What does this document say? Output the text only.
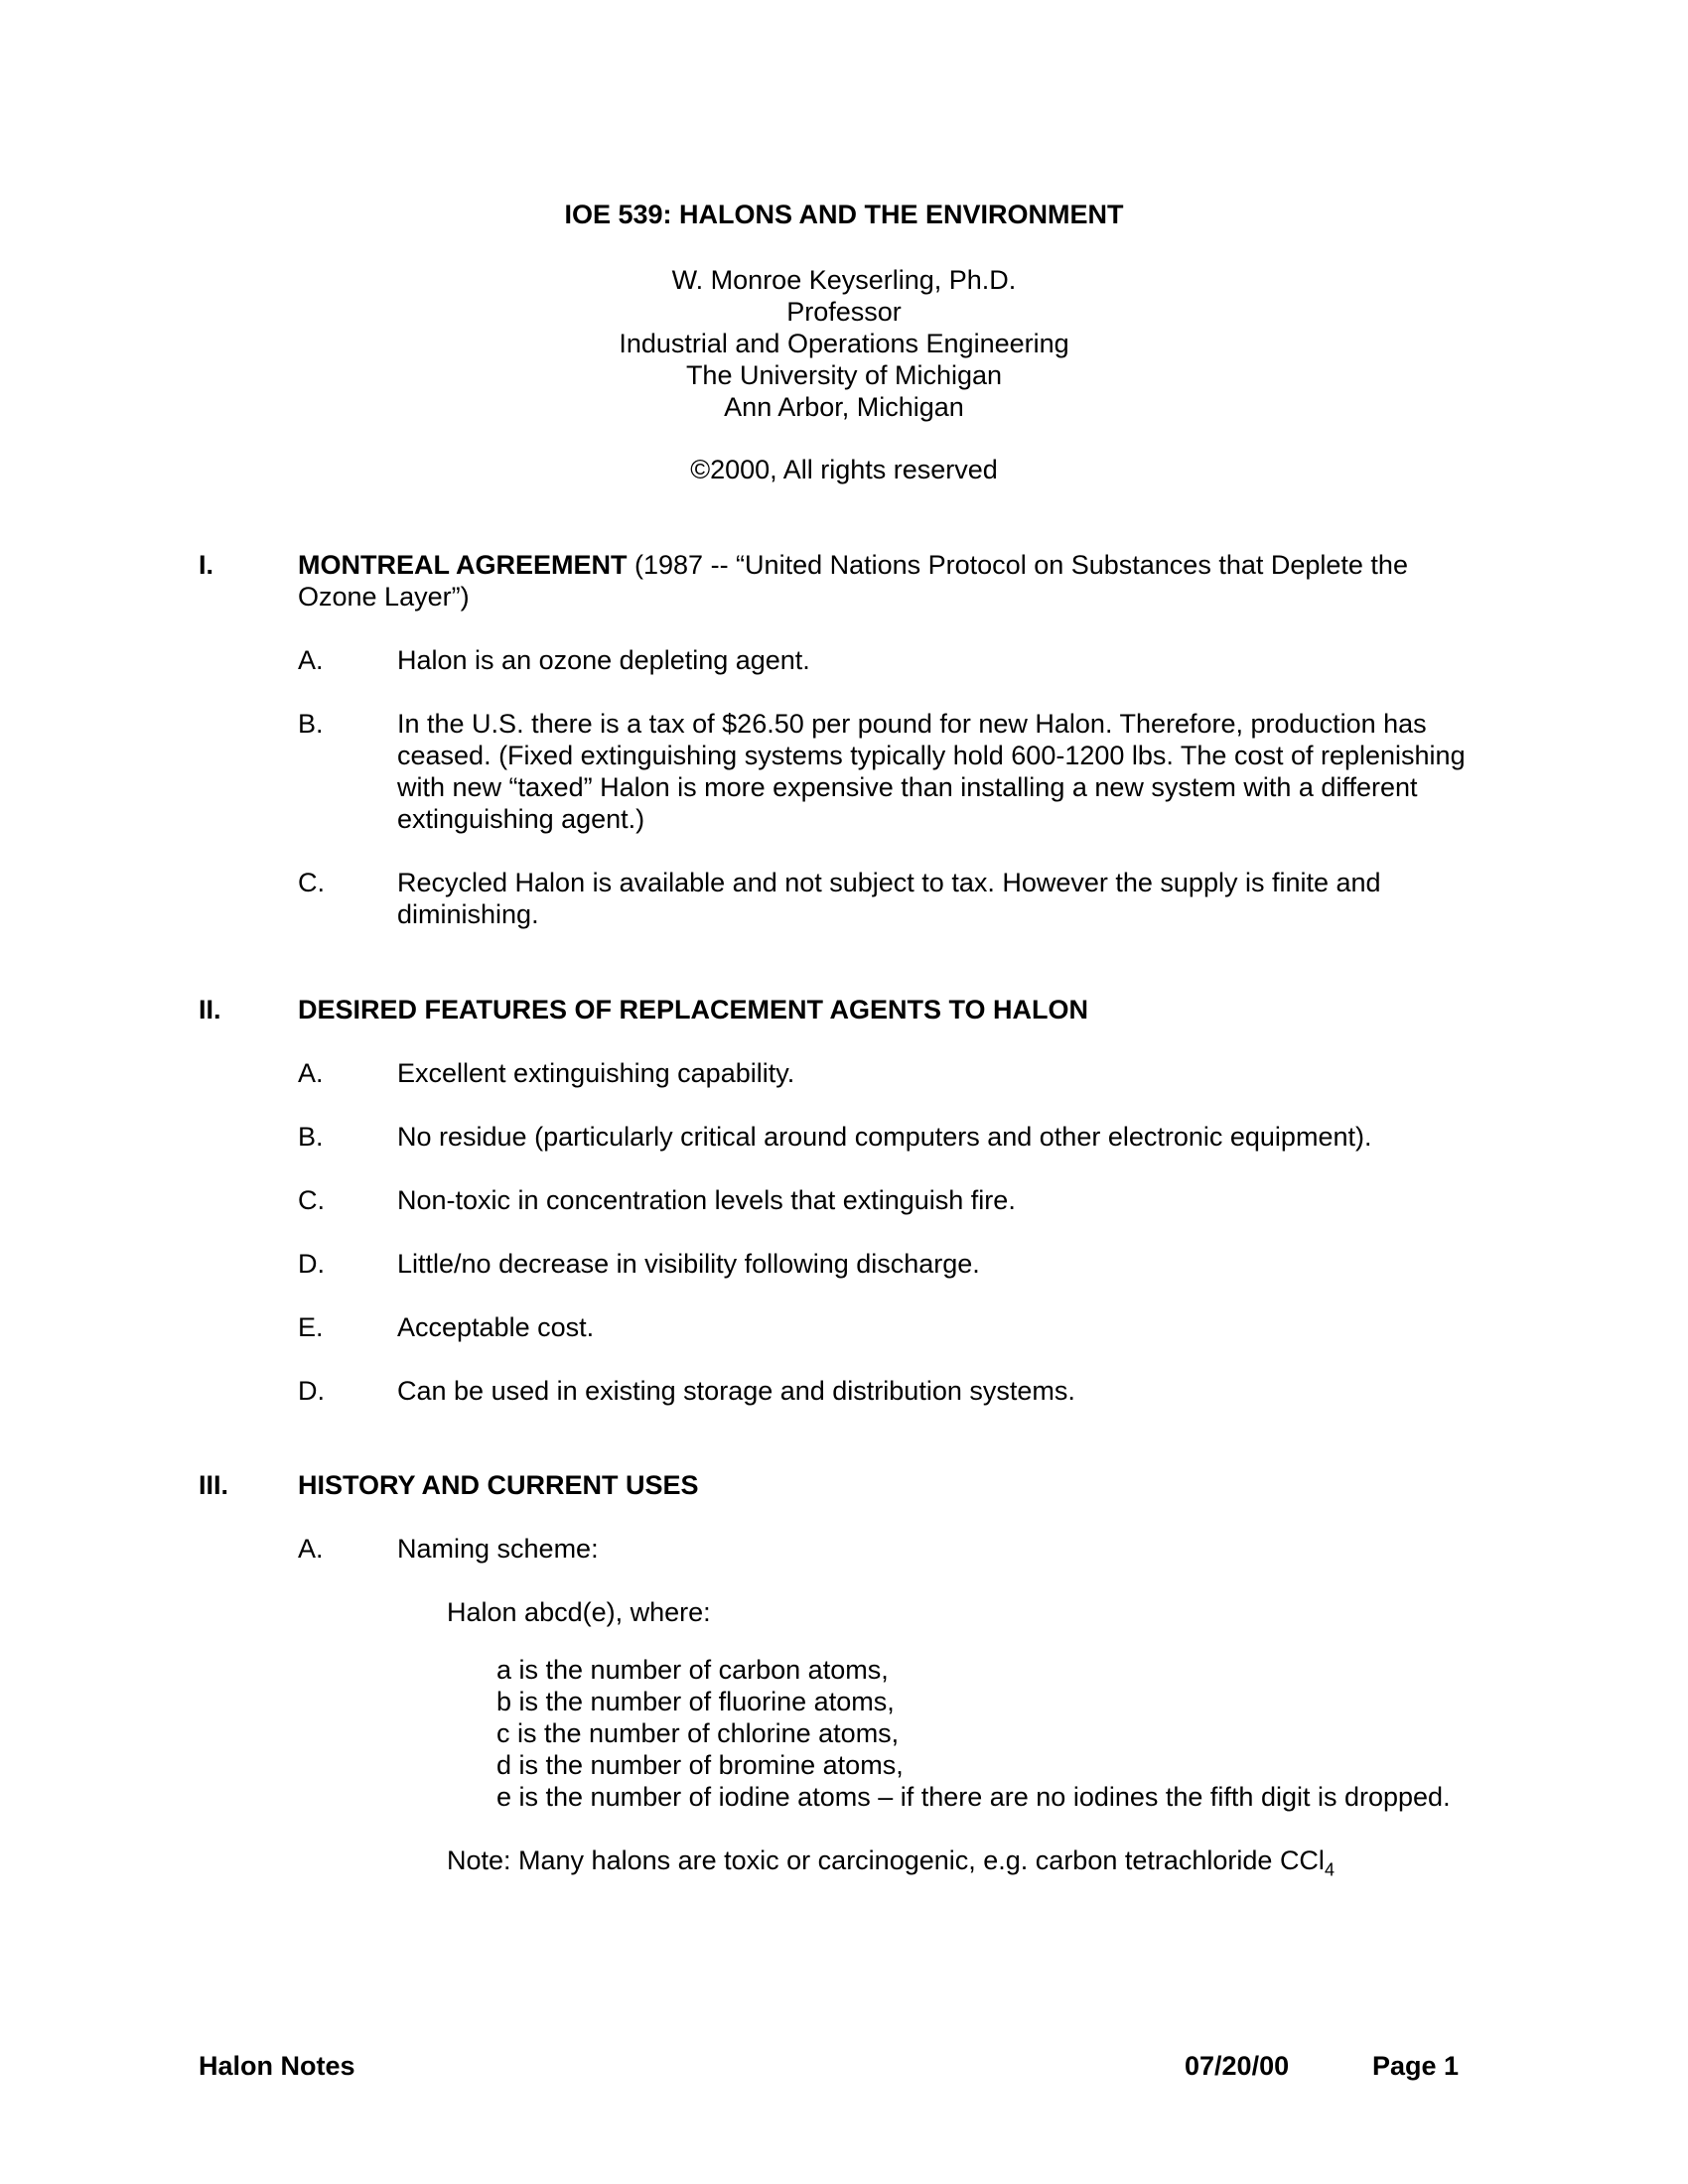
IOE 539: HALONS AND THE ENVIRONMENT
W. Monroe Keyserling, Ph.D.
Professor
Industrial and Operations Engineering
The University of Michigan
Ann Arbor, Michigan
©2000, All rights reserved
I.	MONTREAL AGREEMENT (1987 -- “United Nations Protocol on Substances that Deplete the Ozone Layer”)
A.	Halon is an ozone depleting agent.
B.	In the U.S. there is a tax of $26.50 per pound for new Halon. Therefore, production has ceased. (Fixed extinguishing systems typically hold 600-1200 lbs. The cost of replenishing with new “taxed” Halon is more expensive than installing a new system with a different extinguishing agent.)
C.	Recycled Halon is available and not subject to tax. However the supply is finite and diminishing.
II.	DESIRED FEATURES OF REPLACEMENT AGENTS TO HALON
A.	Excellent extinguishing capability.
B.	No residue (particularly critical around computers and other electronic equipment).
C.	Non-toxic in concentration levels that extinguish fire.
D.	Little/no decrease in visibility following discharge.
E.	Acceptable cost.
D.	Can be used in existing storage and distribution systems.
III.	HISTORY AND CURRENT USES
A.	Naming scheme:
Halon abcd(e), where:
a is the number of carbon atoms,
b is the number of fluorine atoms,
c is the number of chlorine atoms,
d is the number of bromine atoms,
e is the number of iodine atoms – if there are no iodines the fifth digit is dropped.
Note: Many halons are toxic or carcinogenic, e.g. carbon tetrachloride CCl$_4$
Halon Notes	07/20/00	Page 1
